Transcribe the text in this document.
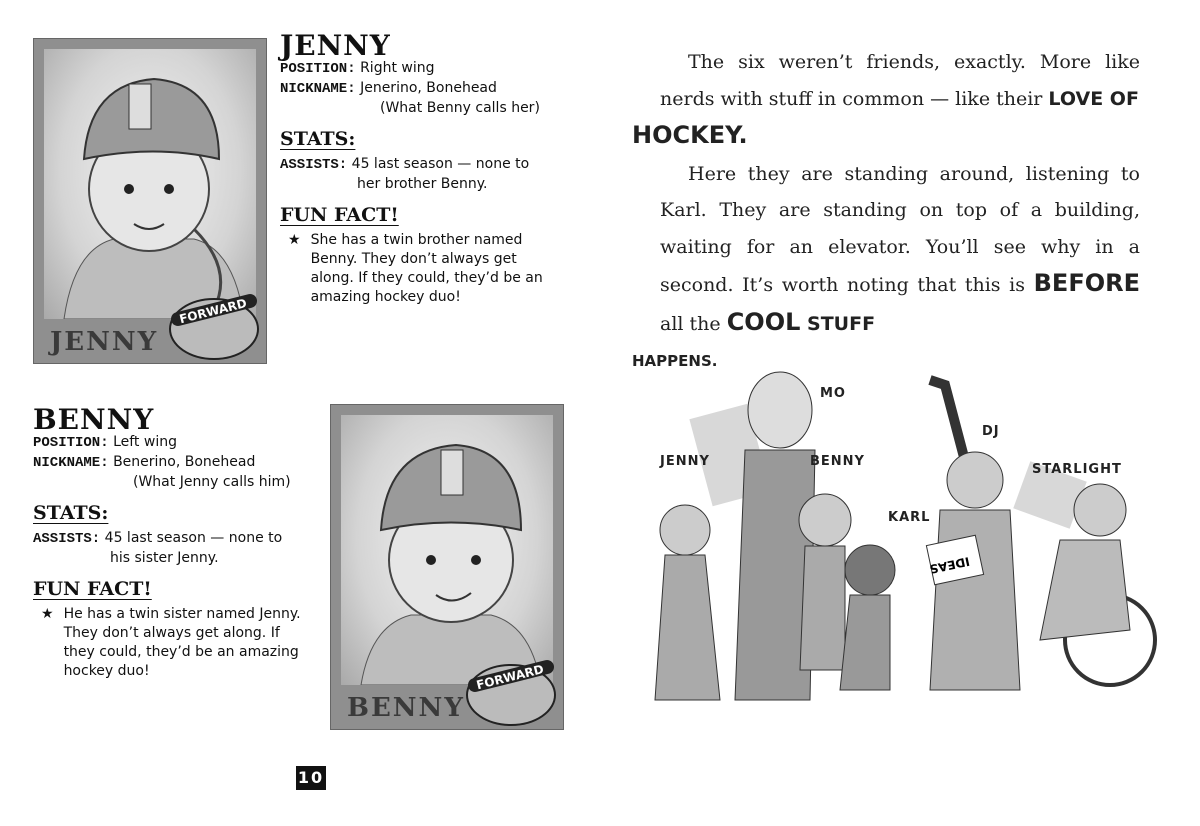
JENNY
FORWARD
JENNY
POSITION: Right wing
NICKNAME: Jenerino, Bonehead
(What Benny calls her)
STATS:
ASSISTS: 45 last season — none to
her brother Benny.
FUN FACT!
★ She has a twin brother named Benny. They don’t always get along. If they could, they’d be an amazing hockey duo!
BENNY
POSITION: Left wing
NICKNAME: Benerino, Bonehead
(What Jenny calls him)
STATS:
ASSISTS: 45 last season — none to
his sister Jenny.
FUN FACT!
★ He has a twin sister named Jenny. They don’t always get along. If they could, they’d be an amazing hockey duo!
BENNY
FORWARD
10

The six weren’t friends, exactly. More like nerds with stuff in common — like their LOVE OF
HOCKEY.

Here they are standing around, listening to Karl. They are standing on top of a building, waiting for an elevator. You’ll see why in a second. It’s worth noting that this is BEFORE all the COOL STUFF
HAPPENS.

IDEAS
JENNY
MO
BENNY
KARL
DJ
STARLIGHT
